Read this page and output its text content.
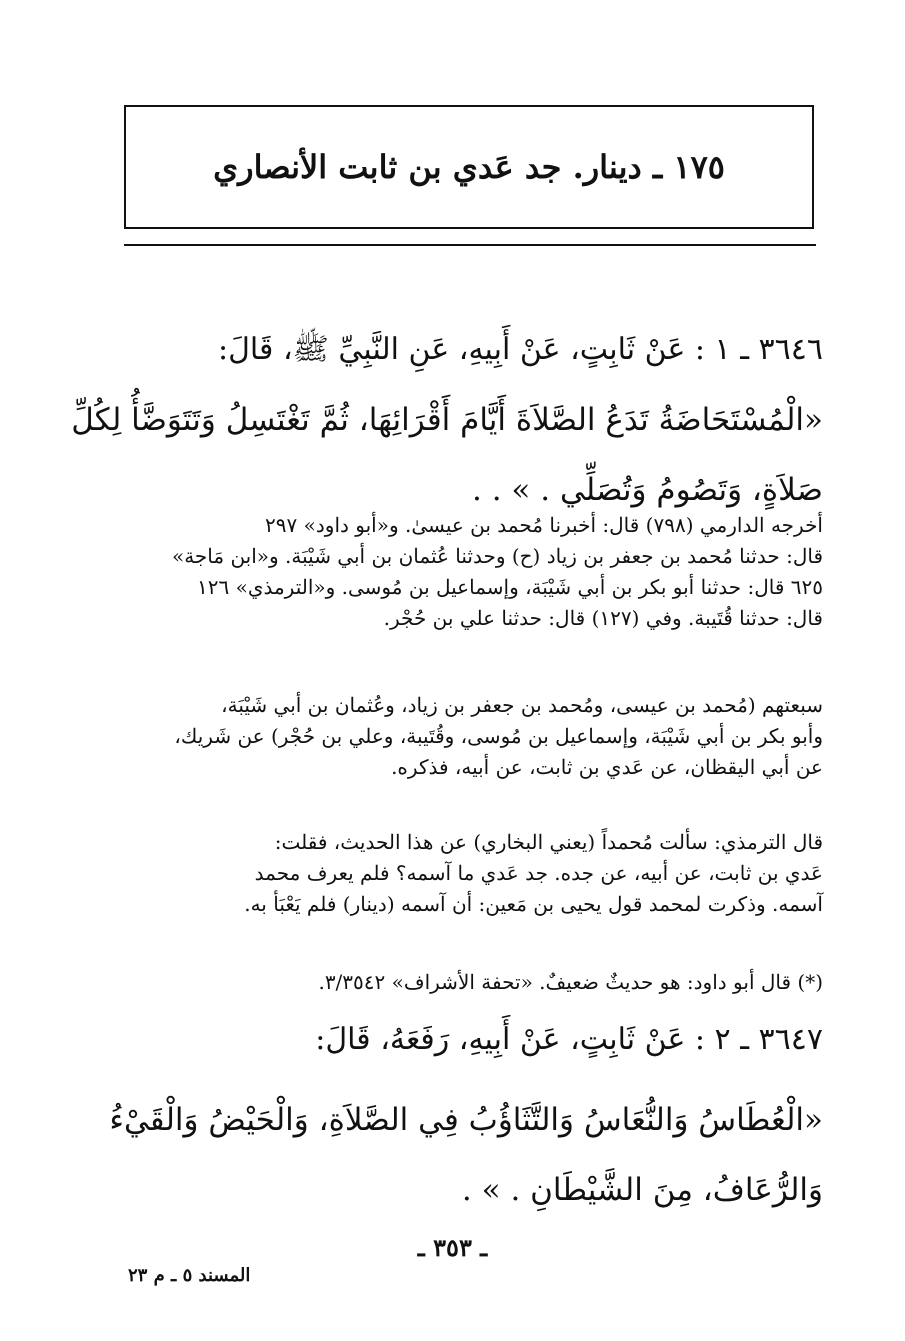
١٧٥ ـ دينار. جد عَدي بن ثابت الأنصاري

٣٦٤٦ ـ ١ : عَنْ ثَابِتٍ، عَنْ أَبِيهِ، عَنِ النَّبِيِّ ﷺ، قَالَ:

«الْمُسْتَحَاضَةُ تَدَعُ الصَّلاَةَ أَيَّامَ أَقْرَائِهَا، ثُمَّ تَغْتَسِلُ وَتَتَوَضَّأُ لِكُلِّ
صَلاَةٍ، وَتَصُومُ وَتُصَلِّي . » . .

أخرجه الدارمي (٧٩٨) قال: أخبرنا مُحمد بن عيسىٰ. و«أبو داود» ٢٩٧
قال: حدثنا مُحمد بن جعفر بن زياد (ح) وحدثنا عُثمان بن أبي شَيْبَة. و«ابن مَاجة»
٦٢٥ قال: حدثنا أبو بكر بن أبي شَيْبَة، وإسماعيل بن مُوسى. و«الترمذي» ١٢٦
قال: حدثنا قُتَيبة. وفي (١٢٧) قال: حدثنا علي بن حُجْر.

سبعتهم (مُحمد بن عيسى، ومُحمد بن جعفر بن زياد، وعُثمان بن أبي شَيْبَة،
وأبو بكر بن أبي شَيْبَة، وإسماعيل بن مُوسى، وقُتَيبة، وعلي بن حُجْر) عن شَريك،
عن أبي اليقظان، عن عَدي بن ثابت، عن أبيه، فذكره.

قال الترمذي: سألت مُحمداً (يعني البخاري) عن هذا الحديث، فقلت:
عَدي بن ثابت، عن أبيه، عن جده. جد عَدي ما آسمه؟ فلم يعرف محمد
آسمه. وذكرت لمحمد قول يحيى بن مَعين: أن آسمه (دينار) فلم يَعْبَأ به.

(*) قال أبو داود: هو حديثٌ ضعيفٌ. «تحفة الأشراف» ٣/٣٥٤٢.

٣٦٤٧ ـ ٢ : عَنْ ثَابِتٍ، عَنْ أَبِيهِ، رَفَعَهُ، قَالَ:

«الْعُطَاسُ وَالنُّعَاسُ وَالتَّثَاؤُبُ فِي الصَّلاَةِ، وَالْحَيْضُ وَالْقَيْءُ
وَالرُّعَافُ، مِنَ الشَّيْطَانِ . » .

ـ ٣٥٣ ـ
المسند ٥ ـ م ٢٣
